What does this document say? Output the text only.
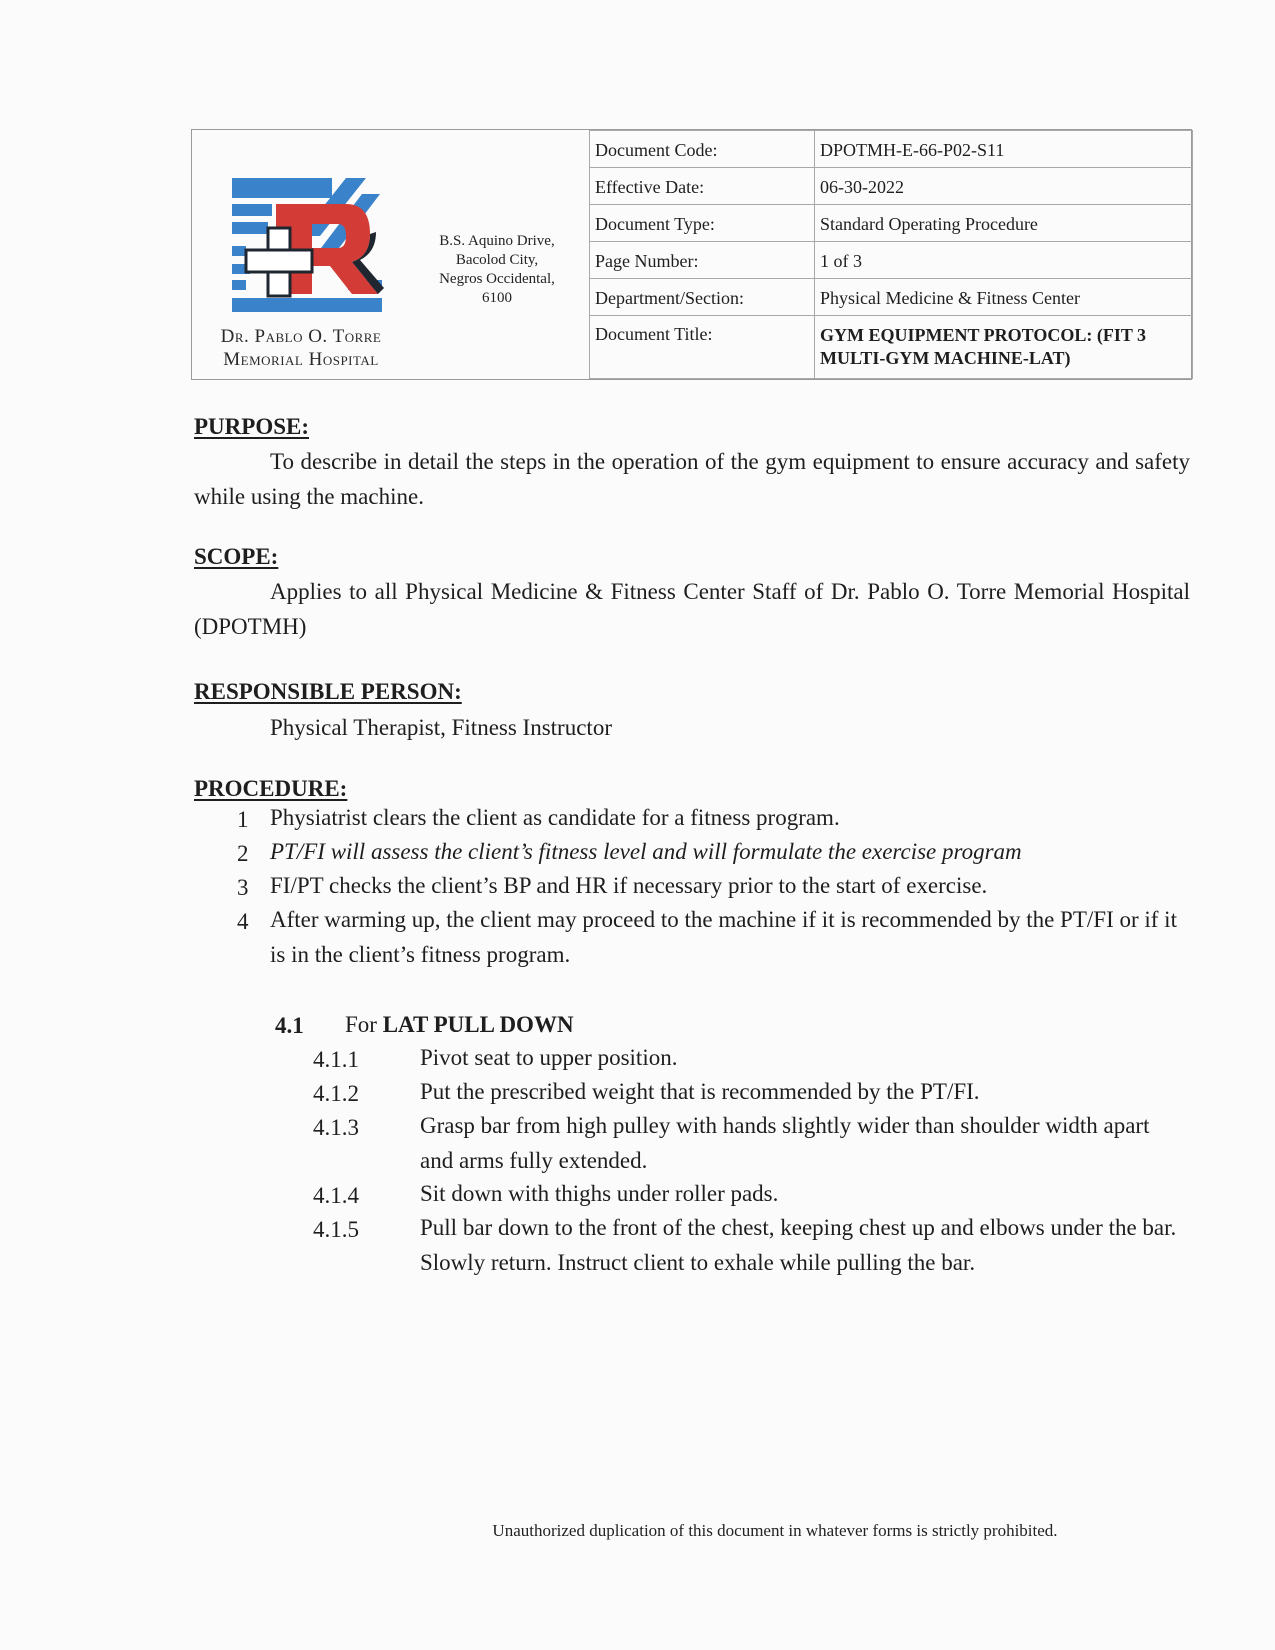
Dr. Pablo O. Torre
Memorial Hospital
B.S. Aquino Drive,
Bacolod City,
Negros Occidental,
6100
Document Code:	DPOTMH-E-66-P02-S11
Effective Date:	06-30-2022
Document Type:	Standard Operating Procedure
Page Number:	1 of 3
Department/Section:	Physical Medicine & Fitness Center
Document Title:	GYM EQUIPMENT PROTOCOL: (FIT 3
MULTI-GYM MACHINE-LAT)
PURPOSE:
To describe in detail the steps in the operation of the gym equipment to ensure accuracy and safety while using the machine.
SCOPE:
Applies to all Physical Medicine & Fitness Center Staff of Dr. Pablo O. Torre Memorial Hospital (DPOTMH)
RESPONSIBLE PERSON:
Physical Therapist, Fitness Instructor
PROCEDURE:
1 Physiatrist clears the client as candidate for a fitness program.
2 PT/FI will assess the client’s fitness level and will formulate the exercise program
3 FI/PT checks the client’s BP and HR if necessary prior to the start of exercise.
4 After warming up, the client may proceed to the machine if it is recommended by the PT/FI or if it is in the client’s fitness program.
4.1 For LAT PULL DOWN
4.1.1	Pivot seat to upper position.
4.1.2	Put the prescribed weight that is recommended by the PT/FI.
4.1.3	Grasp bar from high pulley with hands slightly wider than shoulder width apart and arms fully extended.
4.1.4	Sit down with thighs under roller pads.
4.1.5	Pull bar down to the front of the chest, keeping chest up and elbows under the bar. Slowly return. Instruct client to exhale while pulling the bar.
Unauthorized duplication of this document in whatever forms is strictly prohibited.
